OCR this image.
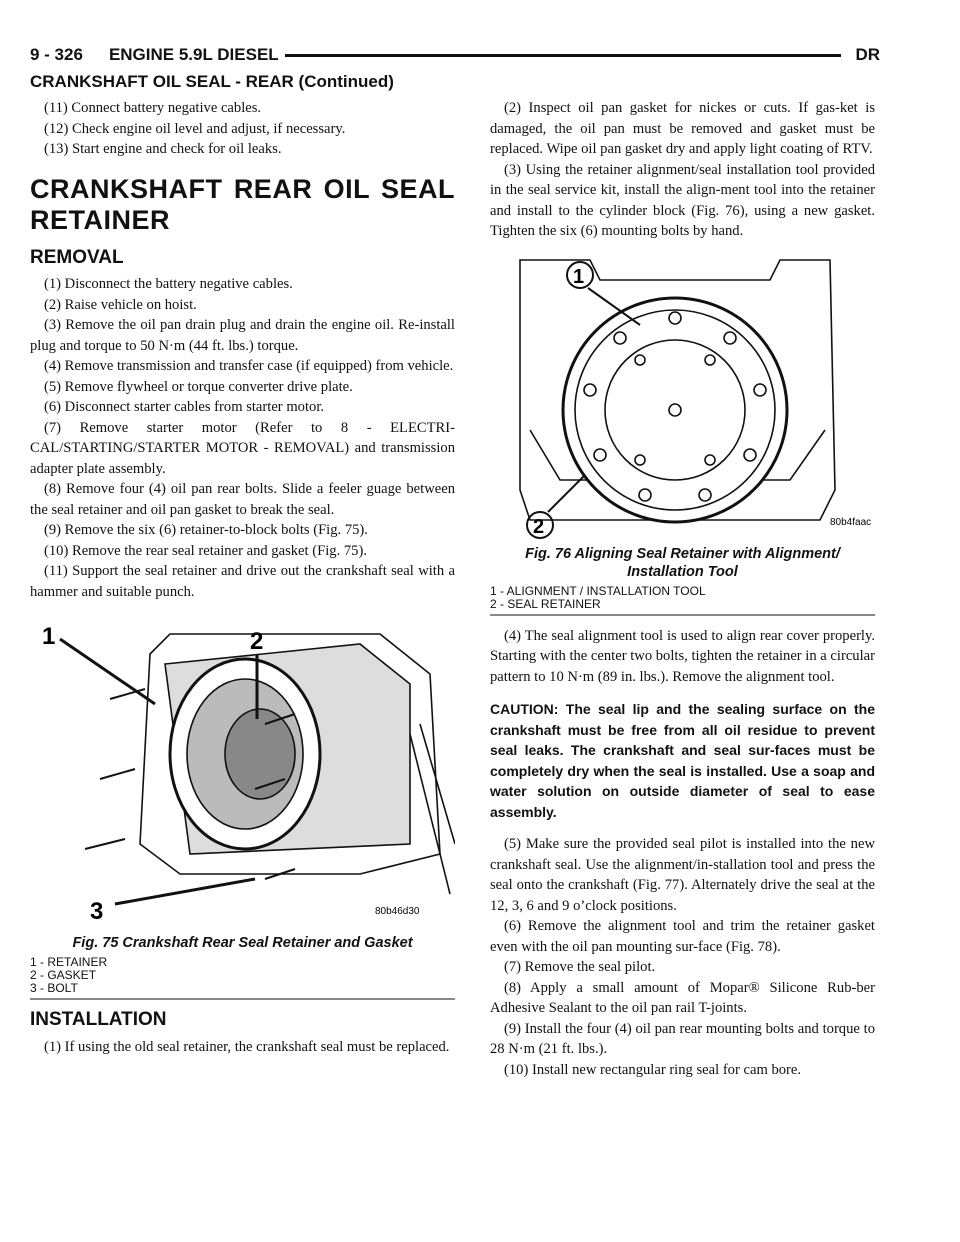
9 - 326 ENGINE 5.9L DIESEL	DR
CRANKSHAFT OIL SEAL - REAR (Continued)

(11) Connect battery negative cables.

(12) Check engine oil level and adjust, if necessary.

(13) Start engine and check for oil leaks.

CRANKSHAFT REAR OIL SEAL RETAINER

REMOVAL

(1) Disconnect the battery negative cables.

(2) Raise vehicle on hoist.

(3) Remove the oil pan drain plug and drain the engine oil. Re-install plug and torque to 50 N·m (44 ft. lbs.) torque.

(4) Remove transmission and transfer case (if equipped) from vehicle.

(5) Remove flywheel or torque converter drive plate.

(6) Disconnect starter cables from starter motor.

(7) Remove starter motor (Refer to 8 - ELECTRI-CAL/STARTING/STARTER MOTOR - REMOVAL) and transmission adapter plate assembly.

(8) Remove four (4) oil pan rear bolts. Slide a feeler guage between the seal retainer and oil pan gasket to break the seal.

(9) Remove the six (6) retainer-to-block bolts (Fig. 75).

(10) Remove the rear seal retainer and gasket (Fig. 75).

(11) Support the seal retainer and drive out the crankshaft seal with a hammer and suitable punch.

1	2
3	80b46d30
Fig. 75 Crankshaft Rear Seal Retainer and Gasket
1 - RETAINER
2 - GASKET
3 - BOLT

INSTALLATION

(1) If using the old seal retainer, the crankshaft seal must be replaced.

(2) Inspect oil pan gasket for nickes or cuts. If gas-ket is damaged, the oil pan must be removed and gasket must be replaced. Wipe oil pan gasket dry and apply light coating of RTV.

(3) Using the retainer alignment/seal installation tool provided in the seal service kit, install the align-ment tool into the retainer and install to the cylinder block (Fig. 76), using a new gasket. Tighten the six (6) mounting bolts by hand.

1
2	80b4faac
Fig. 76 Aligning Seal Retainer with Alignment/
Installation Tool
1 - ALIGNMENT / INSTALLATION TOOL
2 - SEAL RETAINER

(4) The seal alignment tool is used to align rear cover properly. Starting with the center two bolts, tighten the retainer in a circular pattern to 10 N·m (89 in. lbs.). Remove the alignment tool.

CAUTION: The seal lip and the sealing surface on the crankshaft must be free from all oil residue to prevent seal leaks. The crankshaft and seal sur-faces must be completely dry when the seal is installed. Use a soap and water solution on outside diameter of seal to ease assembly.

(5) Make sure the provided seal pilot is installed into the new crankshaft seal. Use the alignment/in-stallation tool and press the seal onto the crankshaft (Fig. 77). Alternately drive the seal at the 12, 3, 6 and 9 o’clock positions.

(6) Remove the alignment tool and trim the retainer gasket even with the oil pan mounting sur-face (Fig. 78).

(7) Remove the seal pilot.

(8) Apply a small amount of Mopar® Silicone Rub-ber Adhesive Sealant to the oil pan rail T-joints.

(9) Install the four (4) oil pan rear mounting bolts and torque to 28 N·m (21 ft. lbs.).

(10) Install new rectangular ring seal for cam bore.
